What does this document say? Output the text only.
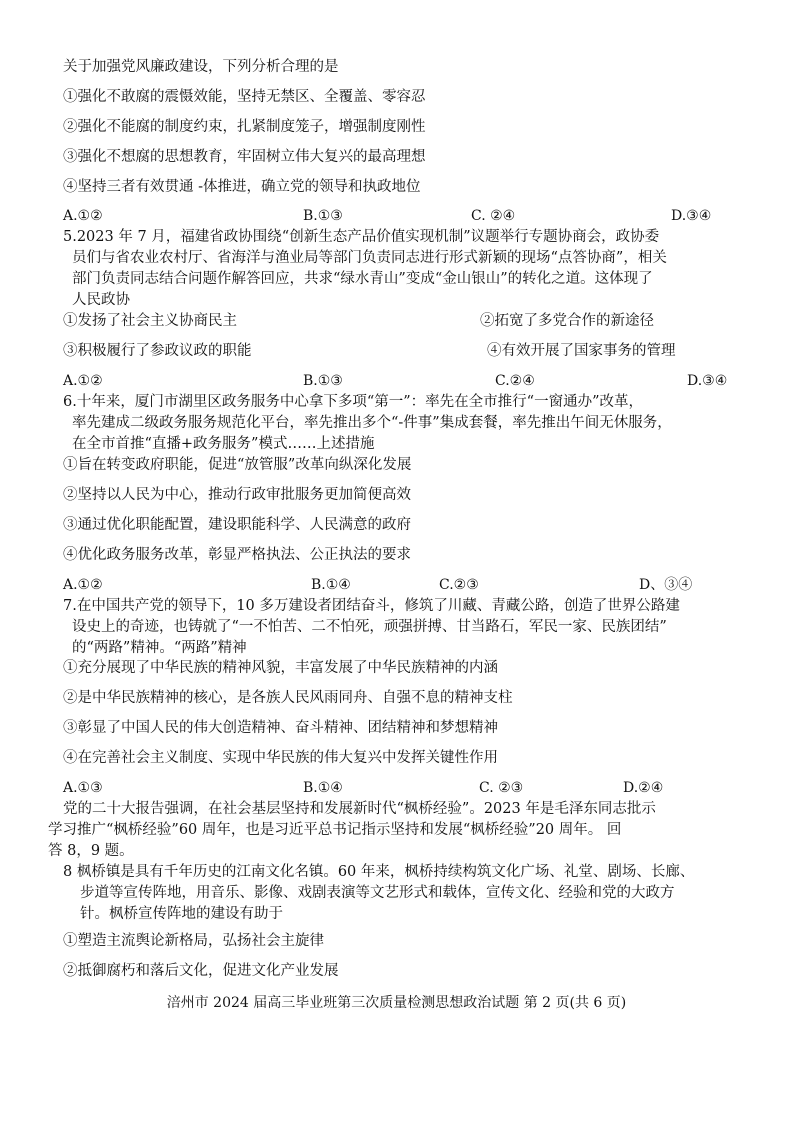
关于加强党风廉政建设，下列分析合理的是
①强化不敢腐的震慑效能，坚持无禁区、全覆盖、零容忍
②强化不能腐的制度约束，扎紧制度笼子，增强制度刚性
③强化不想腐的思想教育，牢固树立伟大复兴的最高理想
④坚持三者有效贯通 -体推进，确立党的领导和执政地位
A.①②	B.①③	C. ②④	D.③④
5.2023 年 7 月，福建省政协围绕“创新生态产品价值实现机制”议题举行专题协商会，政协委
员们与省农业农村厅、省海洋与渔业局等部门负责同志进行形式新颖的现场“点答协商”，相关
部门负责同志结合问题作解答回应，共求“绿水青山”变成“金山银山”的转化之道。这体现了
人民政协
①发扬了社会主义协商民主	②拓宽了多党合作的新途径
③积极履行了参政议政的职能	④有效开展了国家事务的管理
A.①②	B.①③	C.②④	D.③④
6.十年来，厦门市湖里区政务服务中心拿下多项“第一”：率先在全市推行“一窗通办”改革，
率先建成二级政务服务规范化平台，率先推出多个“-件事”集成套餐，率先推出午间无休服务，
在全市首推“直播+政务服务”模式……上述措施
①旨在转变政府职能，促进“放管服”改革向纵深化发展
②坚持以人民为中心，推动行政审批服务更加简便高效
③通过优化职能配置，建设职能科学、人民满意的政府
④优化政务服务改革，彰显严格执法、公正执法的要求
A.①②	B.①④	C.②③	D、③④
7.在中国共产党的领导下，10 多万建设者团结奋斗，修筑了川藏、青藏公路，创造了世界公路建
设史上的奇迹，也铸就了“一不怕苦、二不怕死，顽强拼搏、甘当路石，军民一家、民族团结”
的“两路”精神。“两路”精神
①充分展现了中华民族的精神风貌，丰富发展了中华民族精神的内涵
②是中华民族精神的核心，是各族人民风雨同舟、自强不息的精神支柱
③彰显了中国人民的伟大创造精神、奋斗精神、团结精神和梦想精神
④在完善社会主义制度、实现中华民族的伟大复兴中发挥关键性作用
A.①③	B.①④	C. ②③	D.②④
党的二十大报告强调，在社会基层坚持和发展新时代“枫桥经验”。2023 年是毛泽东同志批示
学习推广“枫桥经验”60 周年，也是习近平总书记指示坚持和发展“枫桥经验”20 周年。 回
答 8，9 题。
8 枫桥镇是具有千年历史的江南文化名镇。60 年来，枫桥持续构筑文化广场、礼堂、剧场、长廊、
步道等宣传阵地，用音乐、影像、戏剧表演等文艺形式和载体，宣传文化、经验和党的大政方
针。枫桥宣传阵地的建设有助于
①塑造主流舆论新格局，弘扬社会主旋律
②抵御腐朽和落后文化，促进文化产业发展
涪州市 2024 届高三毕业班第三次质量检测思想政治试题 第 2 页(共 6 页)
